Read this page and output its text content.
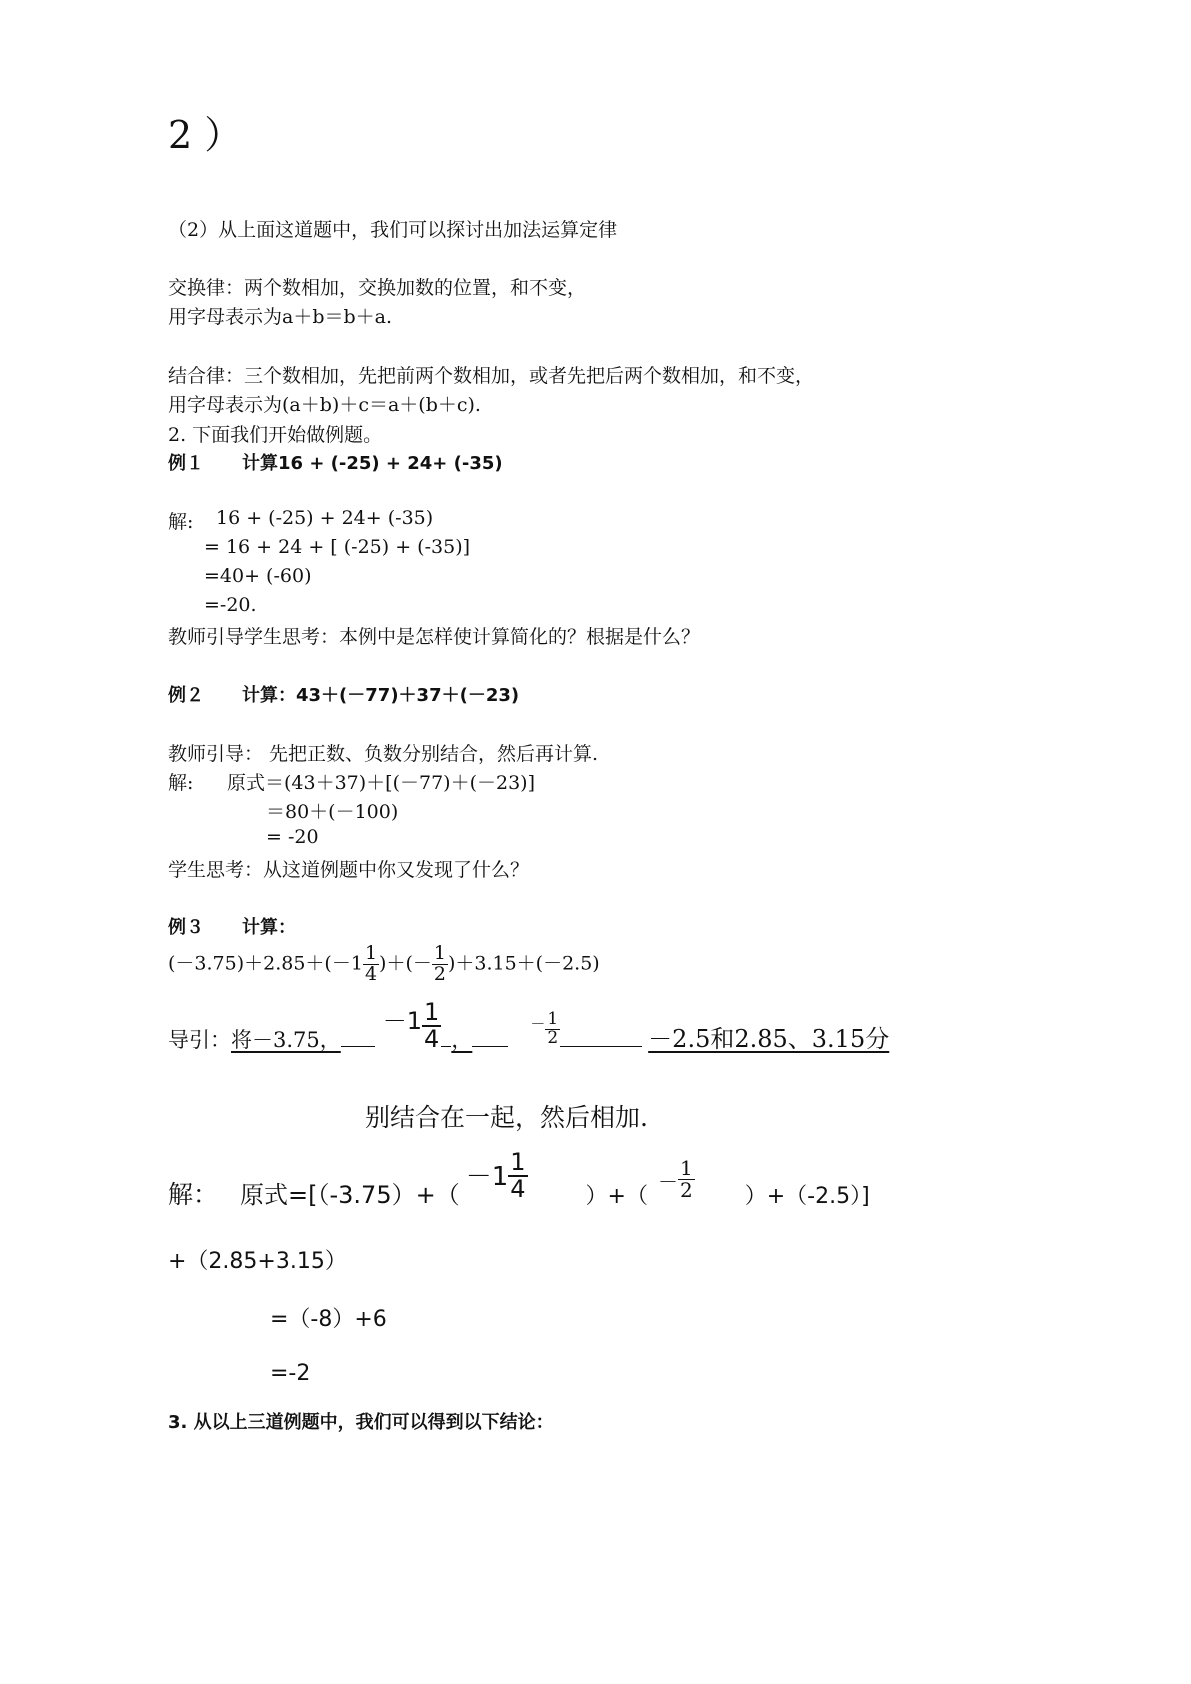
2 ）
（2）从上面这道题中，我们可以探讨出加法运算定律
交换律：两个数相加，交换加数的位置，和不变，
用字母表示为a＋b＝b＋a.
结合律：三个数相加，先把前两个数相加，或者先把后两个数相加，和不变，
用字母表示为(a＋b)＋c＝a＋(b＋c).
2. 下面我们开始做例题。
例１ 计算16 + (-25) + 24+ (-35)
解: 16 + (-25) + 24+ (-35)
= 16 + 24 + [ (-25) + (-35)]
=40+ (-60)
=-20.
教师引导学生思考：本例中是怎样使计算简化的？根据是什么？
例２ 计算：43＋(－77)＋37＋(－23)
教师引导： 先把正数、负数分别结合，然后再计算.
解: 原式＝(43＋37)＋[(－77)＋(－23)]
＝80＋(－100)
= -20
学生思考：从这道例题中你又发现了什么？
例３ 计算：
$(-3.75)+2.85+(-1 \frac{1}{4}$ )＋(－ $\frac{1}{2} )+3.15+(-2.5)$
导引：将－3.75，$-1 \frac{1}{4}$ ，$^- \frac{1}{2}$	－2.5和2.85、3.15分
别结合在一起，然后相加.
解： 原式$=[(-3.75)+(-1 \frac{1}{4}$	）+（－ $\frac{1}{2} )+(-2.5)$]
+（2.85+3.15）
=（-8）+6
=-2
3. 从以上三道例题中，我们可以得到以下结论：
